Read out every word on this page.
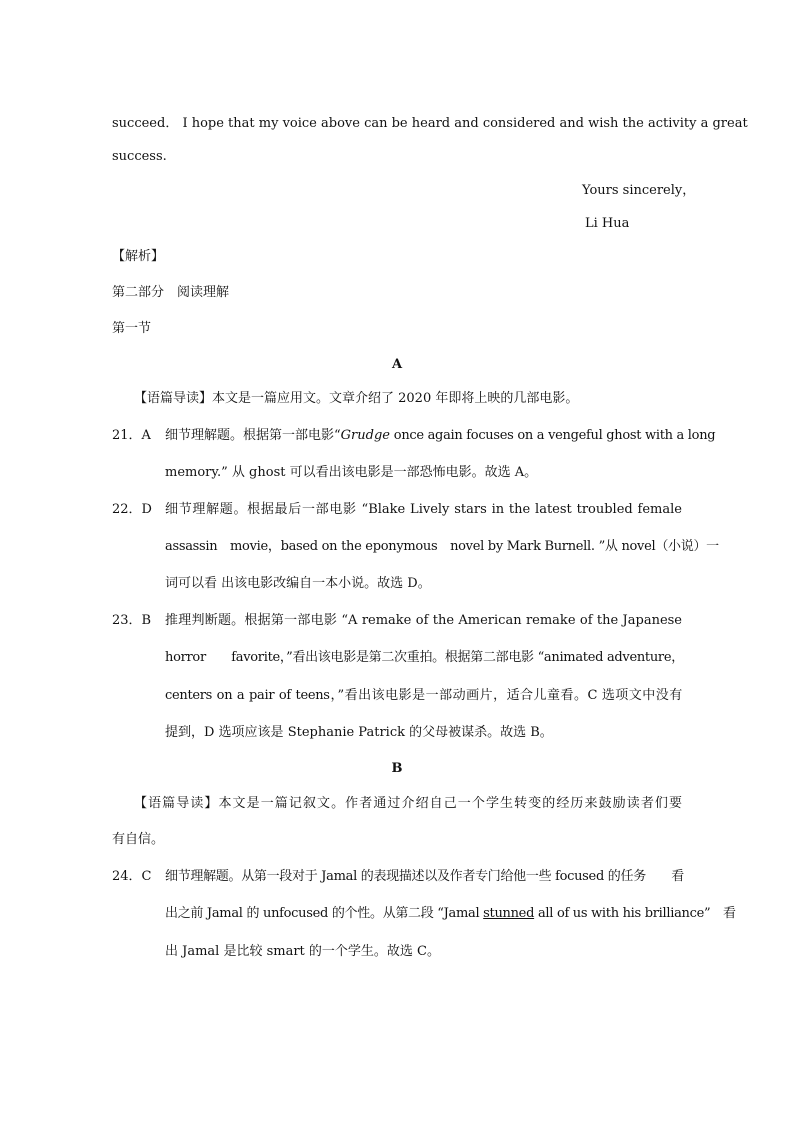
succeed． I hope that my voice above can be heard and considered and wish the activity a great
success.
Yours sincerely，
Li Hua
【解析】
第二部分　阅读理解
第一节
A
【语篇导读】本文是一篇应用文。文章介绍了 2020 年即将上映的几部电影。
21．A 细节理解题。根据第一部电影“Grudge once again focuses on a vengeful ghost with a long
memory.” 从 ghost 可以看出该电影是一部恐怖电影。故选 A。
22．D 细节理解题。根据最后一部电影 “Blake Lively stars in the latest troubled female
assassin　movie，based on the eponymous　novel by Mark Burnell. ”从 novel（小说）一
词可以看 出该电影改编自一本小说。故选 D。
23．B 推理判断题。根据第一部电影 “A remake of the American remake of the Japanese
horror　　favorite，”看出该电影是第二次重拍。根据第二部电影 “animated adventure，
centers on a pair of teens，”看出该电影是一部动画片，适合儿童看。C 选项文中没有
提到，D 选项应该是 Stephanie Patrick 的父母被谋杀。故选 B。
B
【语篇导读】本文是一篇记叙文。作者通过介绍自己一个学生转变的经历来鼓励读者们要
有自信。
24．C 细节理解题。从第一段对于 Jamal 的表现描述以及作者专门给他一些 focused 的任务　　看
出之前 Jamal 的 unfocused 的个性。从第二段 “Jamal stunned all of us with his brilliance”　看
出 Jamal 是比较 smart 的一个学生。故选 C。
